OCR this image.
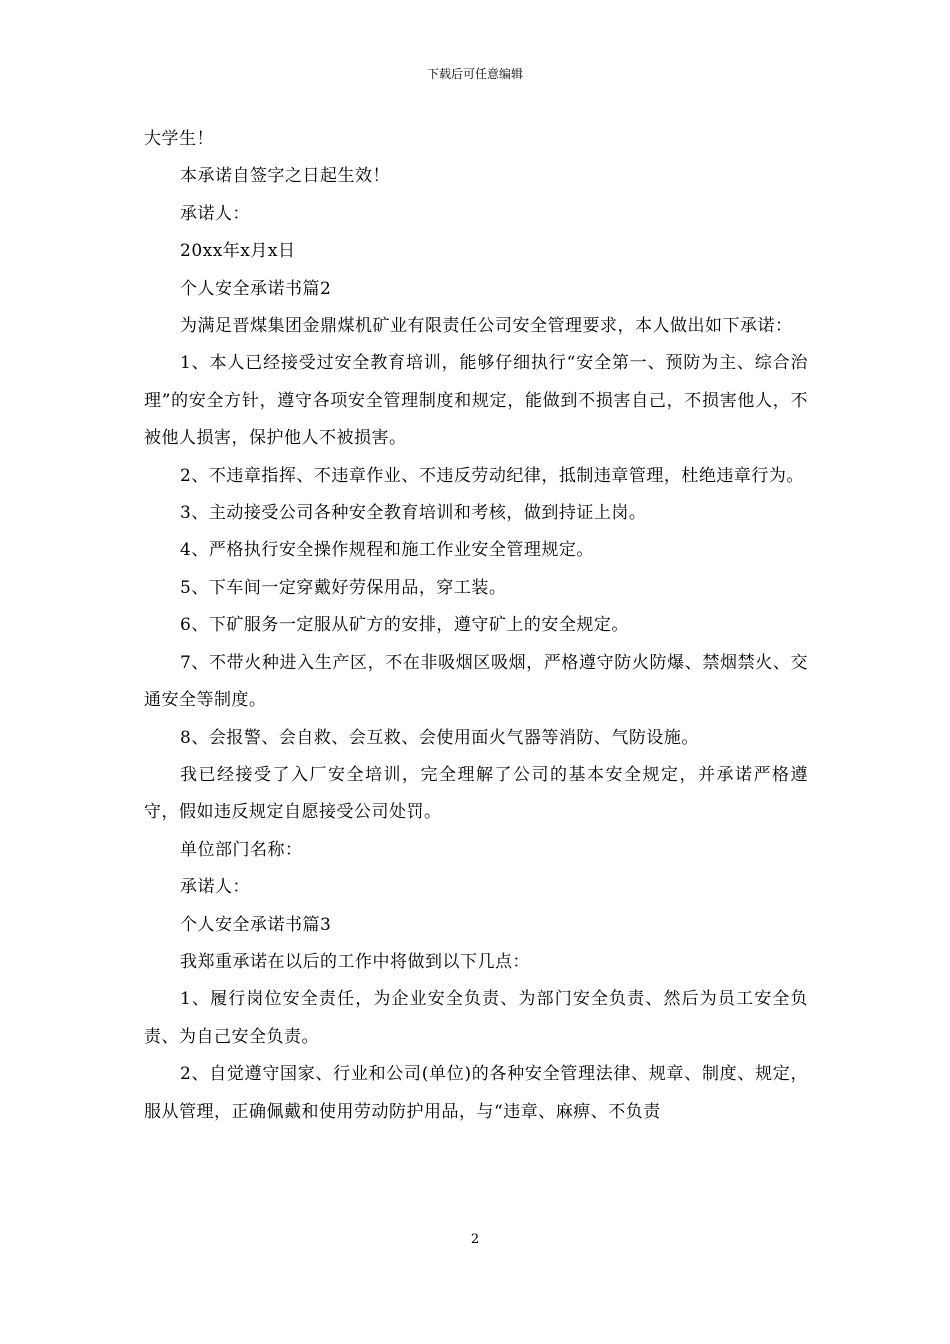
下载后可任意编辑

大学生！

本承诺自签字之日起生效！

承诺人：

20xx年x月x日

个人安全承诺书篇2

为满足晋煤集团金鼎煤机矿业有限责任公司安全管理要求，本人做出如下承诺：

1、本人已经接受过安全教育培训，能够仔细执行“安全第一、预防为主、综合治理”的安全方针，遵守各项安全管理制度和规定，能做到不损害自己，不损害他人，不被他人损害，保护他人不被损害。

2、不违章指挥、不违章作业、不违反劳动纪律，抵制违章管理，杜绝违章行为。

3、主动接受公司各种安全教育培训和考核，做到持证上岗。

4、严格执行安全操作规程和施工作业安全管理规定。

5、下车间一定穿戴好劳保用品，穿工装。

6、下矿服务一定服从矿方的安排，遵守矿上的安全规定。

7、不带火种进入生产区，不在非吸烟区吸烟，严格遵守防火防爆、禁烟禁火、交通安全等制度。

8、会报警、会自救、会互救、会使用面火气器等消防、气防设施。

我已经接受了入厂安全培训，完全理解了公司的基本安全规定，并承诺严格遵守，假如违反规定自愿接受公司处罚。

单位部门名称：

承诺人：

个人安全承诺书篇3

我郑重承诺在以后的工作中将做到以下几点：

1、履行岗位安全责任，为企业安全负责、为部门安全负责、然后为员工安全负责、为自己安全负责。

2、自觉遵守国家、行业和公司(单位)的各种安全管理法律、规章、制度、规定，服从管理，正确佩戴和使用劳动防护用品，与“违章、麻痹、不负责

2
